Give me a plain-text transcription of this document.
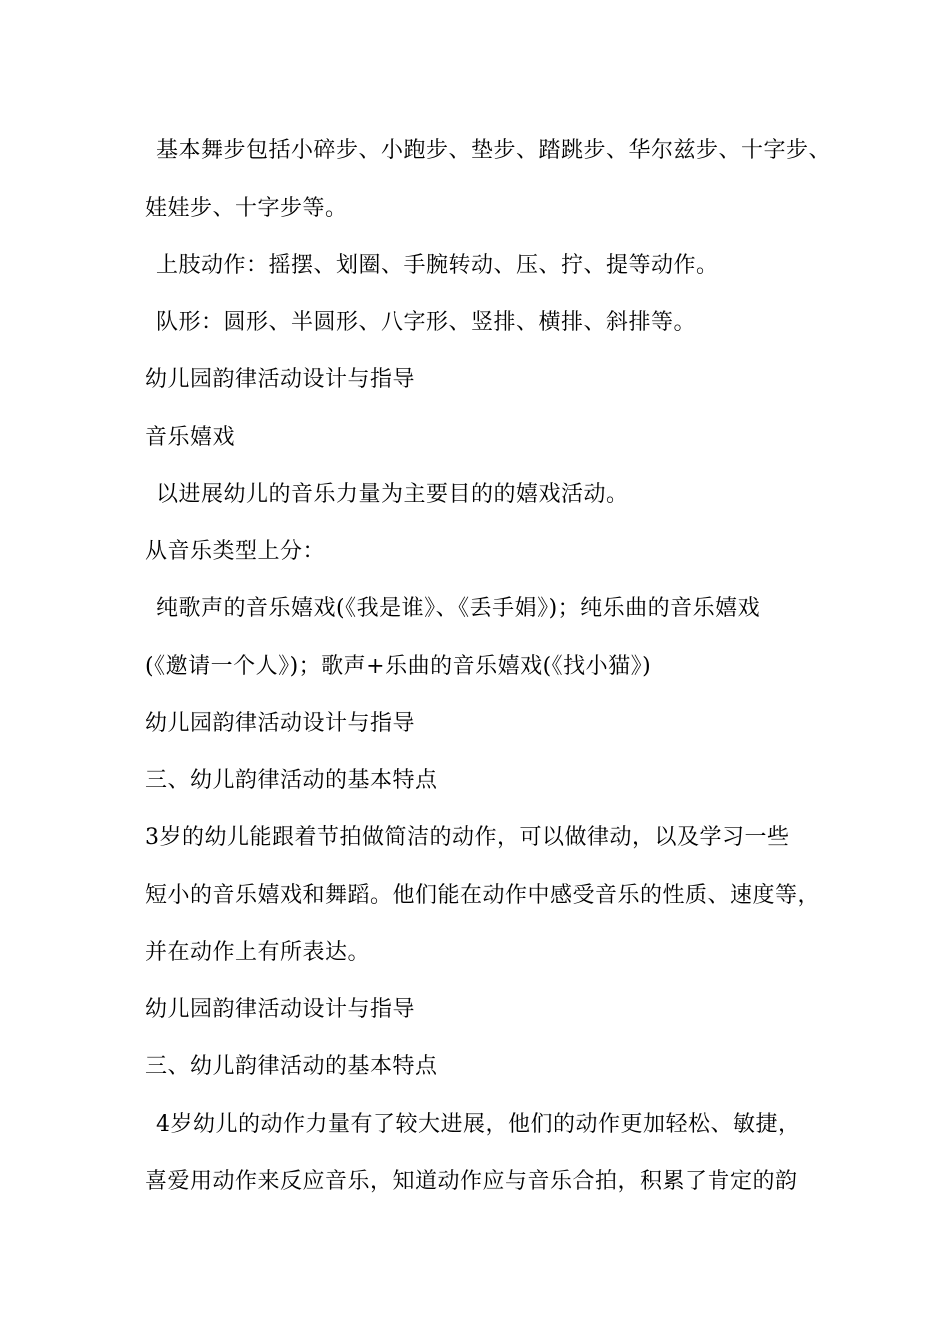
基本舞步包括小碎步、小跑步、垫步、踏跳步、华尔兹步、十字步、
娃娃步、十字步等。
上肢动作：摇摆、划圈、手腕转动、压、拧、提等动作。
队形：圆形、半圆形、八字形、竖排、横排、斜排等。
幼儿园韵律活动设计与指导
音乐嬉戏
以进展幼儿的音乐力量为主要目的的嬉戏活动。
从音乐类型上分：
纯歌声的音乐嬉戏(《我是谁》、《丢手娟》)；纯乐曲的音乐嬉戏
(《邀请一个人》)；歌声+乐曲的音乐嬉戏(《找小猫》)
幼儿园韵律活动设计与指导
三、幼儿韵律活动的基本特点
3岁的幼儿能跟着节拍做简洁的动作，可以做律动，以及学习一些
短小的音乐嬉戏和舞蹈。他们能在动作中感受音乐的性质、速度等，
并在动作上有所表达。
幼儿园韵律活动设计与指导
三、幼儿韵律活动的基本特点
4岁幼儿的动作力量有了较大进展，他们的动作更加轻松、敏捷，
喜爱用动作来反应音乐，知道动作应与音乐合拍，积累了肯定的韵
